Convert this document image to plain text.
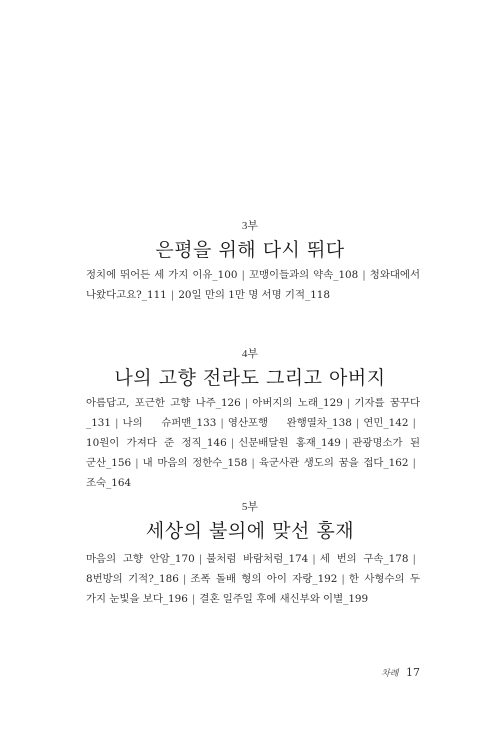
3부
은평을 위해 다시 뛰다
정치에 뛰어든 세 가지 이유_100 | 꼬맹이들과의 약속_108 | 청와대에서 나왔다고요?_111 | 20일 만의 1만 명 서명 기적_118
4부
나의 고향 전라도 그리고 아버지
아름답고, 포근한 고향 나주_126 | 아버지의 노래_129 | 기자를 꿈꾸다_131 | 나의 슈퍼맨_133 | 영산포행 완행열차_138 | 연민_142 |10원이 가져다 준 정직_146 | 신문배달원 홍재_149 | 관광명소가 된 군산_156 | 내 마음의 정한수_158 | 육군사관 생도의 꿈을 접다_162 |조숙_164
5부
세상의 불의에 맞선 홍재
마음의 고향 안암_170 | 불처럼 바람처럼_174 | 세 번의 구속_178 |8번방의 기적?_186 | 조폭 돌배 형의 아이 자랑_192 | 한 사형수의 두 가지 눈빛을 보다_196 | 결혼 일주일 후에 새신부와 이별_199
차례 17
